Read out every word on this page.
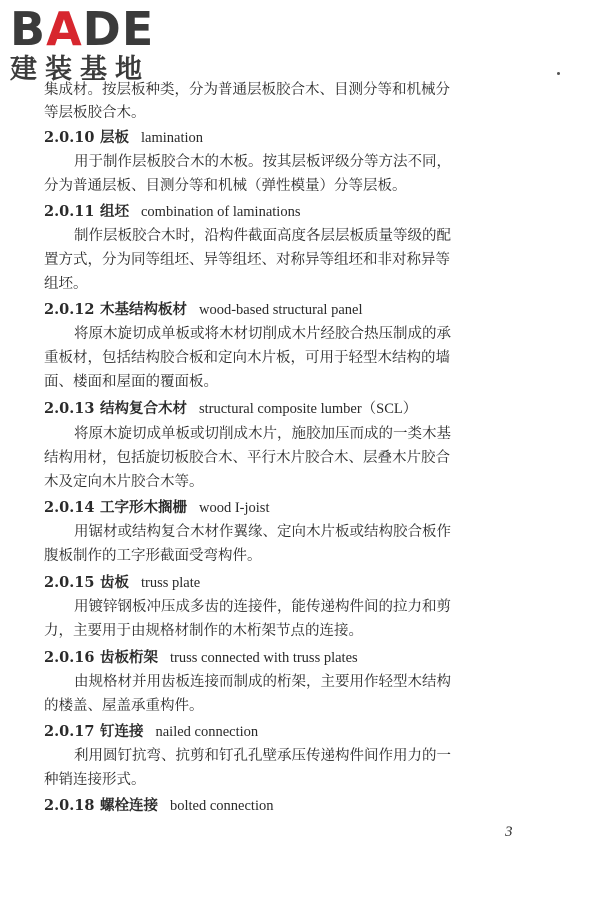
BADE
建装基地
集成材。按层板种类，分为普通层板胶合木、目测分等和机械分
等层板胶合木。
2.0.10 层板 lamination
用于制作层板胶合木的木板。按其层板评级分等方法不同，
分为普通层板、目测分等和机械（弹性模量）分等层板。
2.0.11 组坯 combination of laminations
制作层板胶合木时，沿构件截面高度各层层板质量等级的配
置方式，分为同等组坯、异等组坯、对称异等组坯和非对称异等
组坯。
2.0.12 木基结构板材 wood-based structural panel
将原木旋切成单板或将木材切削成木片经胶合热压制成的承
重板材，包括结构胶合板和定向木片板，可用于轻型木结构的墙
面、楼面和屋面的覆面板。
2.0.13 结构复合木材 structural composite lumber（SCL）
将原木旋切成单板或切削成木片，施胶加压而成的一类木基
结构用材，包括旋切板胶合木、平行木片胶合木、层叠木片胶合
木及定向木片胶合木等。
2.0.14 工字形木搁栅 wood I-joist
用锯材或结构复合木材作翼缘、定向木片板或结构胶合板作
腹板制作的工字形截面受弯构件。
2.0.15 齿板 truss plate
用镀锌钢板冲压成多齿的连接件，能传递构件间的拉力和剪
力，主要用于由规格材制作的木桁架节点的连接。
2.0.16 齿板桁架 truss connected with truss plates
由规格材并用齿板连接而制成的桁架，主要用作轻型木结构
的楼盖、屋盖承重构件。
2.0.17 钉连接 nailed connection
利用圆钉抗弯、抗剪和钉孔孔壁承压传递构件间作用力的一
种销连接形式。
2.0.18 螺栓连接 bolted connection
3
